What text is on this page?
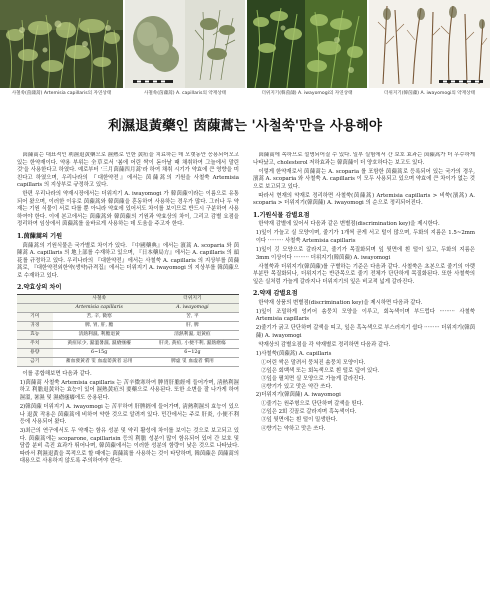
사철쑥(茵蔯蒿) Artemisia capillaris의 자연상태	사철쑥(茵蔯蒿) A. capillaris의 약재상태	더위지기(韓茵蔯) A. iwayomogi의 자연상태	더위지기(韓茵蔯) A. iwayomogi의 약재상태
利濕退黃藥인 茵蔯蒿는 '사철쑥'만을 사용해야

茵蔯蒿는 대표적인 利濕退黃藥으로 濕熱로 인한 黃疸을 치료하는 데 오랫동안 응용되어오고 있는 한약재이다. 약용 부위는 全草로서 '봄에 어린 싹이 돋아날 때 채취하여 그늘에서 말린 것'을 사용한다고 하였다. 예로부터 '三月茵蔯四月蒿'라 하여 채취 시기가 약효에 큰 영향을 미친다고 하였으며, 우리나라의 『대한약전』에서는 茵蔯蒿의 기원을 사철쑥 Artemisia capillaris 의 지상부로 규정하고 있다.

한편 우리나라의 약재시장에서는 더위지기 A. iwayomogi 가 韓茵蔯이라는 이름으로 유통되어 왔으며, 이러한 이유로 茵蔯蒿와 韓茵蔯을 혼동하여 사용하는 경우가 많다. 그러나 두 약재는 기원 식물이 서로 다를 뿐 아니라 약효에 있어서도 차이를 보이므로 반드시 구분하여 사용하여야 한다. 이에 본고에서는 茵蔯蒿와 韓茵蔯의 기원과 약효상의 차이, 그리고 감별 요점을 정리하여 임상에서 茵蔯蒿를 올바르게 사용하는 데 도움을 주고자 한다.

1.茵蔯蒿의 기원

茵蔯蒿의 기원식물은 국가별로 차이가 있다. 『中國藥典』에서는 濱蒿 A. scoparia 와 茵陳蒿 A. capillaris 의 地上部를 수재하고 있으며, 『日本藥局方』에서는 A. capillaris 의 頭花를 규정하고 있다. 우리나라의 『대한약전』에서는 사철쑥 A. capillaris 의 지상부를 茵蔯蒿로, 『대한약전외한약(생약)규격집』에서는 더위지기 A. iwayomogi 의 지상부를 韓茵蔯으로 수재하고 있다.

2.약효상의 차이
	사철쑥	더위지기
	Artemisia capillaris	A. iwayomogi
기미	苦, 辛, 微寒	苦, 平
귀경	脾, 胃, 肝, 膽	肝, 脾
효능	淸熱利濕, 利膽退黃	淸熱利濕, 退黃疸
주치	黃疸尿少, 濕溫暑濕, 濕瘡瘙癢	肝炎, 黃疸, 小便不利, 濕熱瘡瘍
용량	6~15g	6~12g
금기	蓄血發黃者 및 血虛萎黃者 忌用	脾虛 및 血虛者 愼用

이를 종합해보면 다음과 같다.

1)茵蔯蒿 사철쑥 Artemisia capillaris 는 苦辛微寒하여 脾胃肝膽經에 들어가며, 淸熱利濕하고 利膽退黃하는 효능이 있어 濕熱黃疸의 要藥으로 사용된다. 또한 소변을 잘 나가게 하여 濕溫, 暑濕 및 濕瘡瘙癢에도 응용된다.

2)韓茵蔯 더위지기 A. iwayomogi 는 苦平하여 肝脾經에 들어가며, 淸熱利濕의 효능이 있으나 退黃 작용은 茵蔯蒿에 비하여 약한 것으로 알려져 있다. 민간에서는 주로 肝炎, 小便不利 등에 사용되어 왔다.

3)최근의 연구에서도 두 약재는 함유 성분 및 약리 활성에 차이를 보이는 것으로 보고되고 있다. 茵蔯蒿에는 scoparone, capillarisin 등의 利膽 성분이 많이 함유되어 있어 간 보호 및 담즙 분비 촉진 효과가 뛰어나며, 韓茵蔯에서는 이러한 성분의 함량이 낮은 것으로 나타났다. 따라서 利濕退黃을 목적으로 할 때에는 茵蔯蒿를 사용하는 것이 타당하며, 韓茵蔯은 茵蔯蒿의 대용으로 사용하지 않도록 주의하여야 한다.

茵蔯蒿에 속하므로 설명되어질 수 있다. 일부 실험에서 간 보호 효과는 茵蔯蒿가 더 우수하게 나타났고, cholesterol 저하효과는 韓茵蔯이 더 양호하다는 보고도 있다.

이렇게 한약재로서 茵蔯蒿는 A. scoparia 를 포함한 茵蔯蒿로 등록되어 있는 국가의 경우, 濱蒿 A. scoparia 와 사철쑥 A. capillaris 이 모두 사용되고 있으며 약효에 큰 차이가 없는 것으로 보고되고 있다.

따라서 현재의 약재로 정리하면 사철쑥(茵蔯蒿) Artemisia capillaris > 비쑥(濱蒿) A. scoparia > 더위지기(韓茵蔯) A. iwayomogi 의 순으로 정리되어진다.

1.기원식물 감별요점

한약재 감별에 있어서 다음과 같은 변별점(discrimination key)을 제시한다.

1)잎이 가늘고 실 모양이며, 줄기가 1개씩 곧게 서고 털이 많으며, 두화의 지름은 1.5~2mm 이다 ········· 사철쑥 Artemisia capillaris

1)잎이 깃 모양으로 갈라지고, 줄기가 목질화되며 잎 뒷면에 흰 털이 있고, 두화의 지름은 3mm 이상이다 ········· 더위지기(韓茵蔯) A. iwayomogi

사철쑥과 더위지기(韓茵蔯)를 구별하는 기준은 다음과 같다. 사철쑥은 초본으로 줄기의 아랫부분만 목질화되나, 더위지기는 반관목으로 줄기 전체가 단단하게 목질화된다. 또한 사철쑥의 잎은 실처럼 가늘게 갈라지나 더위지기의 잎은 비교적 넓게 갈라진다.

2.약재 감별요점

한약재 상품의 변별점(discrimination key)을 제시하면 다음과 같다.

1)잎이 조밀하게 엉키어 솜뭉치 모양을 이루고, 회녹색이며 부드럽다 ········· 사철쑥 Artemisia capillaris

2)줄기가 굵고 단단하며 갈색을 띠고, 잎은 흑녹색으로 부스러지기 쉽다 ········· 더위지기(韓茵蔯) A. iwayomogi

약재상의 감별요점을 각 약재별로 정리하면 다음과 같다.

1)사철쑥(茵蔯蒿) A. capillaris

①어린 싹은 말려서 뭉쳐진 솜뭉치 모양이다.

②잎은 회백색 또는 회녹색으로 흰 털로 덮여 있다.

③잎을 펼치면 실 모양으로 가늘게 갈라진다.

④향기가 있고 맛은 약간 쓰다.

2)더위지기(韓茵蔯) A. iwayomogi

①줄기는 원주형으로 단단하며 갈색을 띤다.

②잎은 2회 깃꼴로 갈라지며 흑녹색이다.

③잎 뒷면에는 흰 털이 밀생한다.

④향기는 약하고 맛은 쓰다.
